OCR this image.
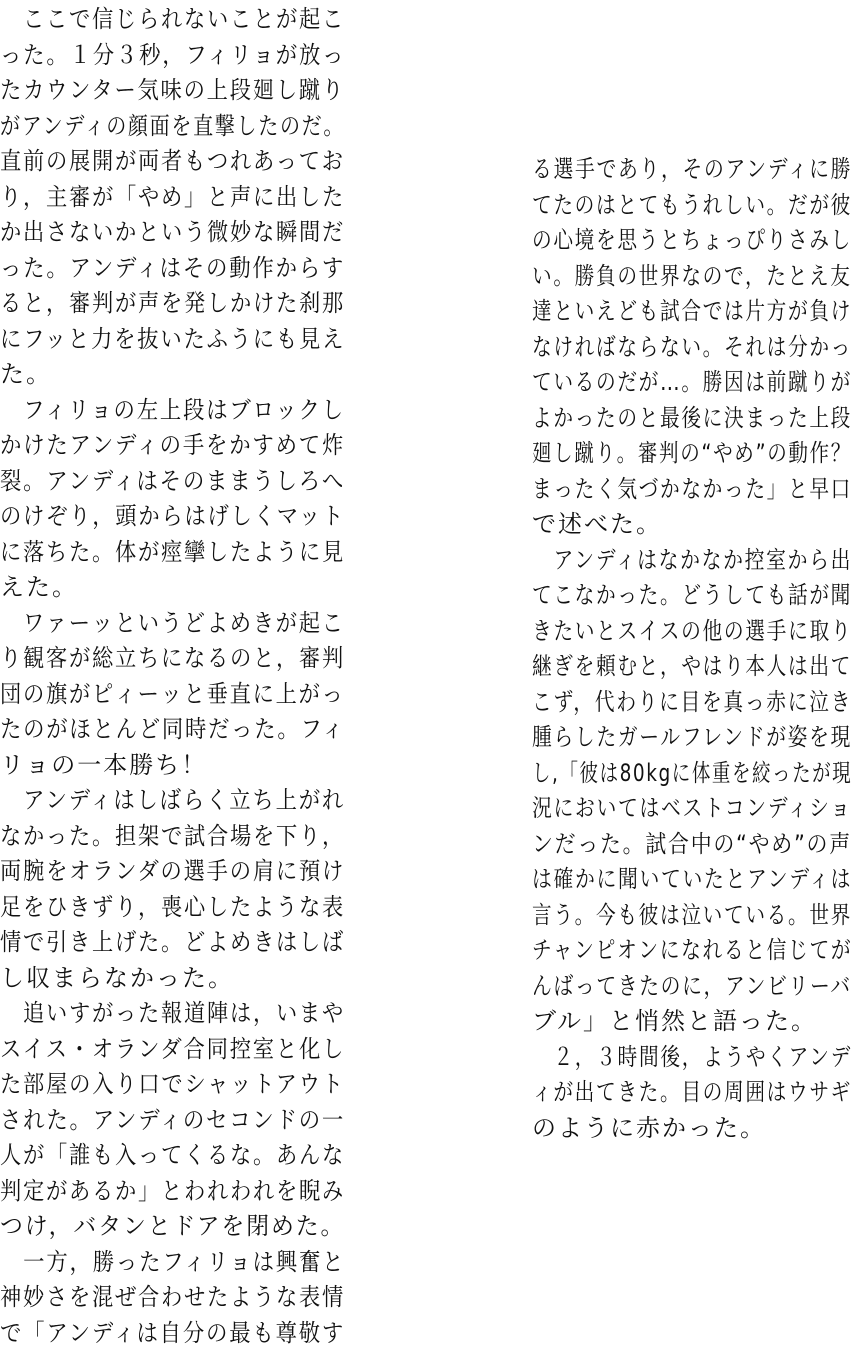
　ここで信じられないことが起こ
った。１分３秒，フィリョが放っ
たカウンター気味の上段廻し蹴り
がアンディの顔面を直撃したのだ。
直前の展開が両者もつれあってお
り，主審が「やめ」と声に出した
か出さないかという微妙な瞬間だ
った。アンディはその動作からす
ると，審判が声を発しかけた刹那
にフッと力を抜いたふうにも見え
た。
　フィリョの左上段はブロックし
かけたアンディの手をかすめて炸
裂。アンディはそのままうしろへ
のけぞり，頭からはげしくマット
に落ちた。体が痙攣したように見
えた。
　ワァーッというどよめきが起こ
り観客が総立ちになるのと，審判
団の旗がピィーッと垂直に上がっ
たのがほとんど同時だった。フィ
リョの一本勝ち！
　アンディはしばらく立ち上がれ
なかった。担架で試合場を下り，
両腕をオランダの選手の肩に預け
足をひきずり，喪心したような表
情で引き上げた。どよめきはしば
し収まらなかった。
　追いすがった報道陣は，いまや
スイス・オランダ合同控室と化し
た部屋の入り口でシャットアウト
された。アンディのセコンドの一
人が「誰も入ってくるな。あんな
判定があるか」とわれわれを睨み
つけ，バタンとドアを閉めた。
　一方，勝ったフィリョは興奮と
神妙さを混ぜ合わせたような表情
で「アンディは自分の最も尊敬す
る選手であり，そのアンディに勝
てたのはとてもうれしい。だが彼
の心境を思うとちょっぴりさみし
い。勝負の世界なので，たとえ友
達といえども試合では片方が負け
なければならない。それは分かっ
ているのだが…。勝因は前蹴りが
よかったのと最後に決まった上段
廻し蹴り。審判の“やめ”の動作？
まったく気づかなかった」と早口
で述べた。
　アンディはなかなか控室から出
てこなかった。どうしても話が聞
きたいとスイスの他の選手に取り
継ぎを頼むと，やはり本人は出て
こず，代わりに目を真っ赤に泣き
腫らしたガールフレンドが姿を現
し,「彼は80kgに体重を絞ったが現
況においてはベストコンディショ
ンだった。試合中の“やめ”の声
は確かに聞いていたとアンディは
言う。今も彼は泣いている。世界
チャンピオンになれると信じてが
んばってきたのに，アンビリーバ
ブル」と悄然と語った。
　２，３時間後，ようやくアンデ
ィが出てきた。目の周囲はウサギ
のように赤かった。
